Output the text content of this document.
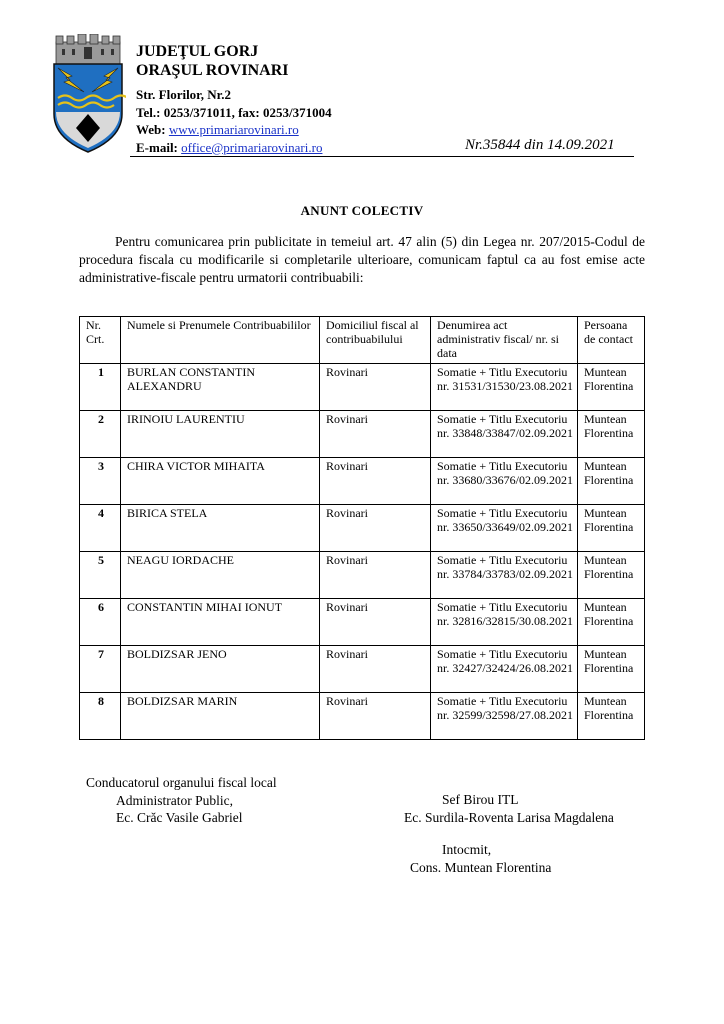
JUDEŢUL GORJ
ORAŞUL ROVINARI
Str. Florilor, Nr.2
Tel.: 0253/371011, fax: 0253/371004
Web: www.primariarovinari.ro
E-mail: office@primariarovinari.ro	Nr.35844 din 14.09.2021
ANUNT COLECTIV
Pentru comunicarea prin publicitate in temeiul art. 47 alin (5) din Legea nr. 207/2015-Codul de procedura fiscala cu modificarile si completarile ulterioare, comunicam faptul ca au fost emise acte administrative-fiscale pentru urmatorii contribuabili:
Nr. Crt.	Numele si Prenumele Contribuabililor	Domiciliul fiscal al contribuabilului	Denumirea act administrativ fiscal/ nr. si data	Persoana de contact
1	BURLAN CONSTANTIN ALEXANDRU	Rovinari	Somatie + Titlu Executoriu nr. 31531/31530/23.08.2021	Muntean Florentina
2	IRINOIU LAURENTIU	Rovinari	Somatie + Titlu Executoriu nr. 33848/33847/02.09.2021	Muntean Florentina
3	CHIRA VICTOR MIHAITA	Rovinari	Somatie + Titlu Executoriu nr. 33680/33676/02.09.2021	Muntean Florentina
4	BIRICA STELA	Rovinari	Somatie + Titlu Executoriu nr. 33650/33649/02.09.2021	Muntean Florentina
5	NEAGU IORDACHE	Rovinari	Somatie + Titlu Executoriu nr. 33784/33783/02.09.2021	Muntean Florentina
6	CONSTANTIN MIHAI IONUT	Rovinari	Somatie + Titlu Executoriu nr. 32816/32815/30.08.2021	Muntean Florentina
7	BOLDIZSAR JENO	Rovinari	Somatie + Titlu Executoriu nr. 32427/32424/26.08.2021	Muntean Florentina
8	BOLDIZSAR MARIN	Rovinari	Somatie + Titlu Executoriu nr. 32599/32598/27.08.2021	Muntean Florentina
Conducatorul organului fiscal local
Administrator Public,
Ec. Crăc Vasile Gabriel
Sef Birou ITL
Ec. Surdila-Roventa Larisa Magdalena
Intocmit,
Cons. Muntean Florentina
